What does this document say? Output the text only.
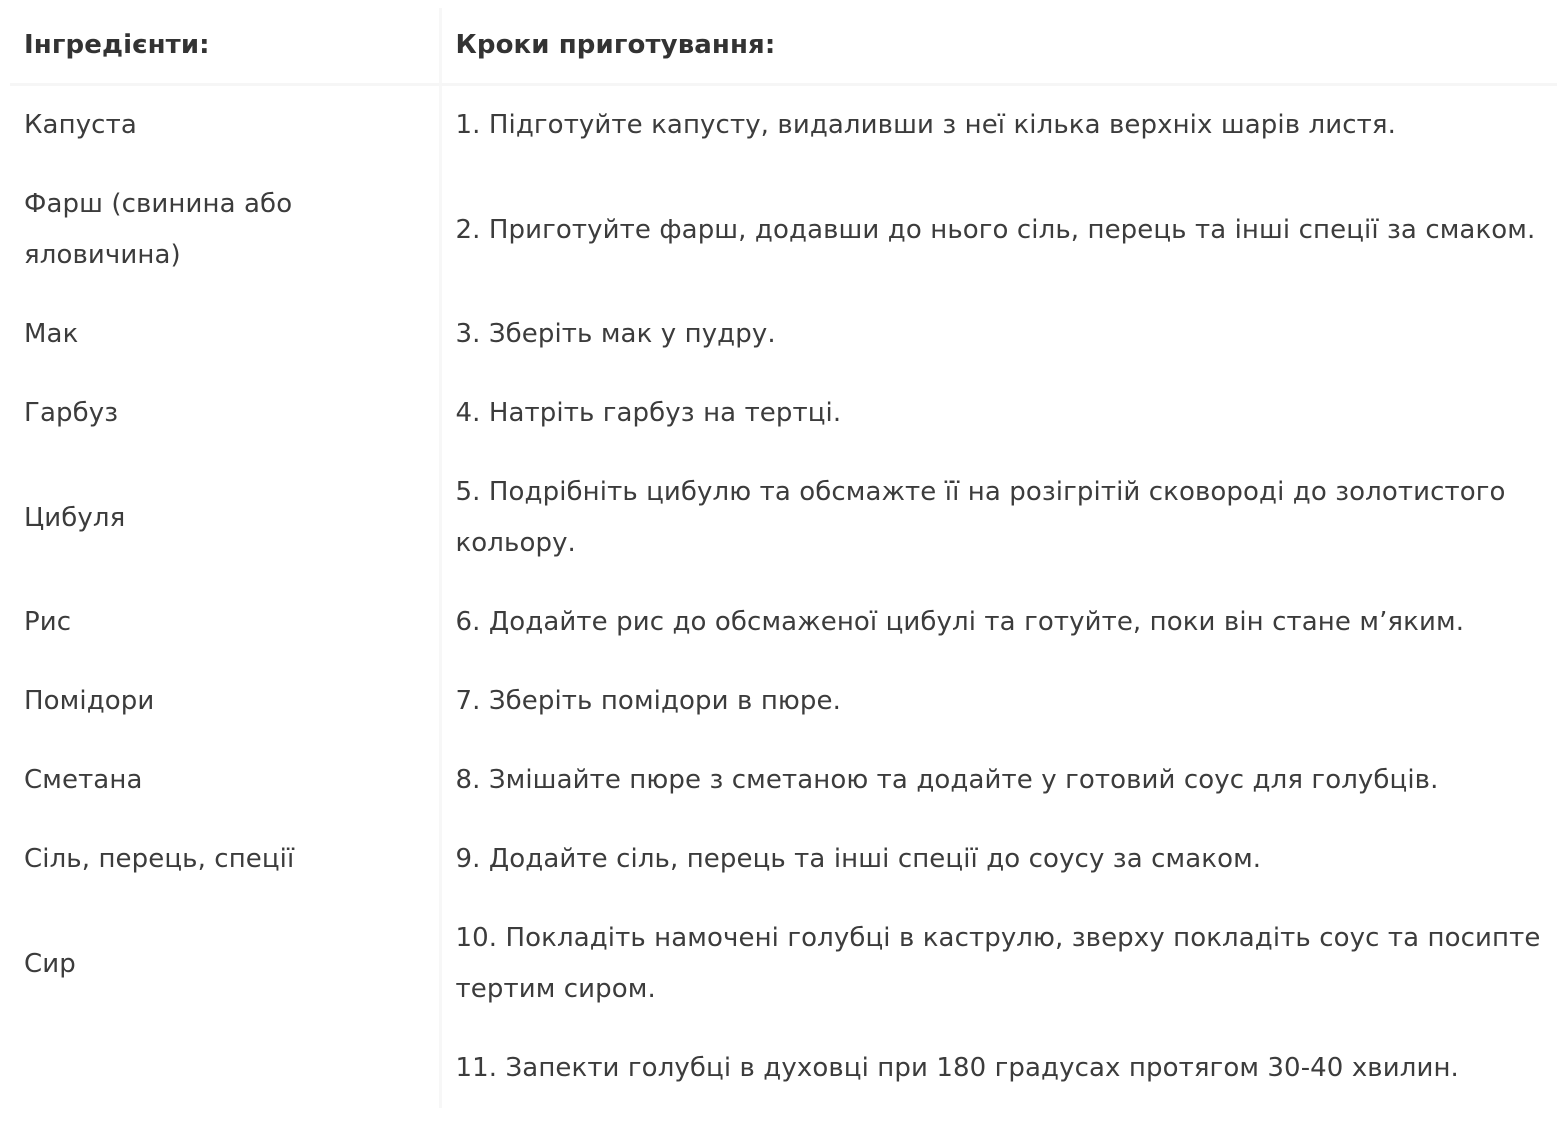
Інгредієнти:	Кроки приготування:
Капуста	1. Підготуйте капусту, видаливши з неї кілька верхніх шарів листя.
Фарш (свинина або яловичина)	2. Приготуйте фарш, додавши до нього сіль, перець та інші спеції за смаком.
Мак	3. Зберіть мак у пудру.
Гарбуз	4. Натріть гарбуз на тертці.
Цибуля	5. Подрібніть цибулю та обсмажте її на розігрітій сковороді до золотистого кольору.
Рис	6. Додайте рис до обсмаженої цибулі та готуйте, поки він стане м’яким.
Помідори	7. Зберіть помідори в пюре.
Сметана	8. Змішайте пюре з сметаною та додайте у готовий соус для голубців.
Сіль, перець, спеції	9. Додайте сіль, перець та інші спеції до соусу за смаком.
Сир	10. Покладіть намочені голубці в каструлю, зверху покладіть соус та посипте тертим сиром.
	11. Запекти голубці в духовці при 180 градусах протягом 30-40 хвилин.
